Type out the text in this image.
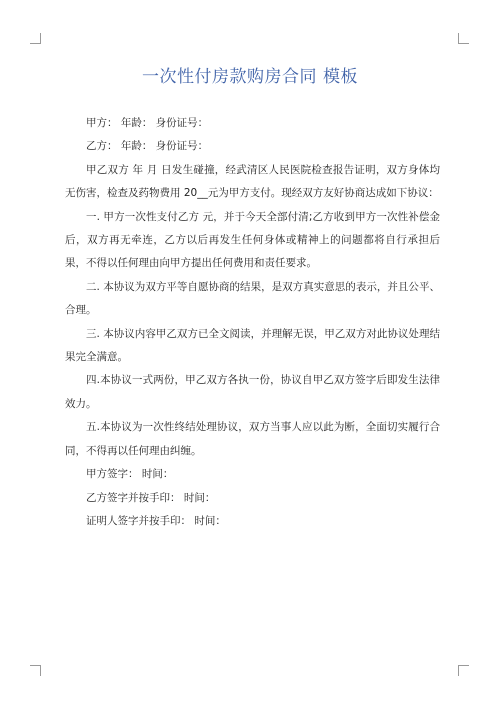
一次性付房款购房合同 模板

甲方： 年龄： 身份证号：

乙方： 年龄： 身份证号：

甲乙双方 年 月 日发生碰撞，经武清区人民医院检查报告证明，双方身体均无伤害，检查及药物费用 20__元为甲方支付。现经双方友好协商达成如下协议：

一. 甲方一次性支付乙方 元，并于今天全部付清;乙方收到甲方一次性补偿金后，双方再无牵连，乙方以后再发生任何身体或精神上的问题都将自行承担后果，不得以任何理由向甲方提出任何费用和责任要求。

二. 本协议为双方平等自愿协商的结果，是双方真实意思的表示，并且公平、合理。

三. 本协议内容甲乙双方已全文阅读，并理解无误，甲乙双方对此协议处理结果完全满意。

四.本协议一式两份，甲乙双方各执一份，协议自甲乙双方签字后即发生法律效力。

五.本协议为一次性终结处理协议，双方当事人应以此为断，全面切实履行合同，不得再以任何理由纠缠。

甲方签字： 时间：

乙方签字并按手印： 时间：

证明人签字并按手印： 时间：
